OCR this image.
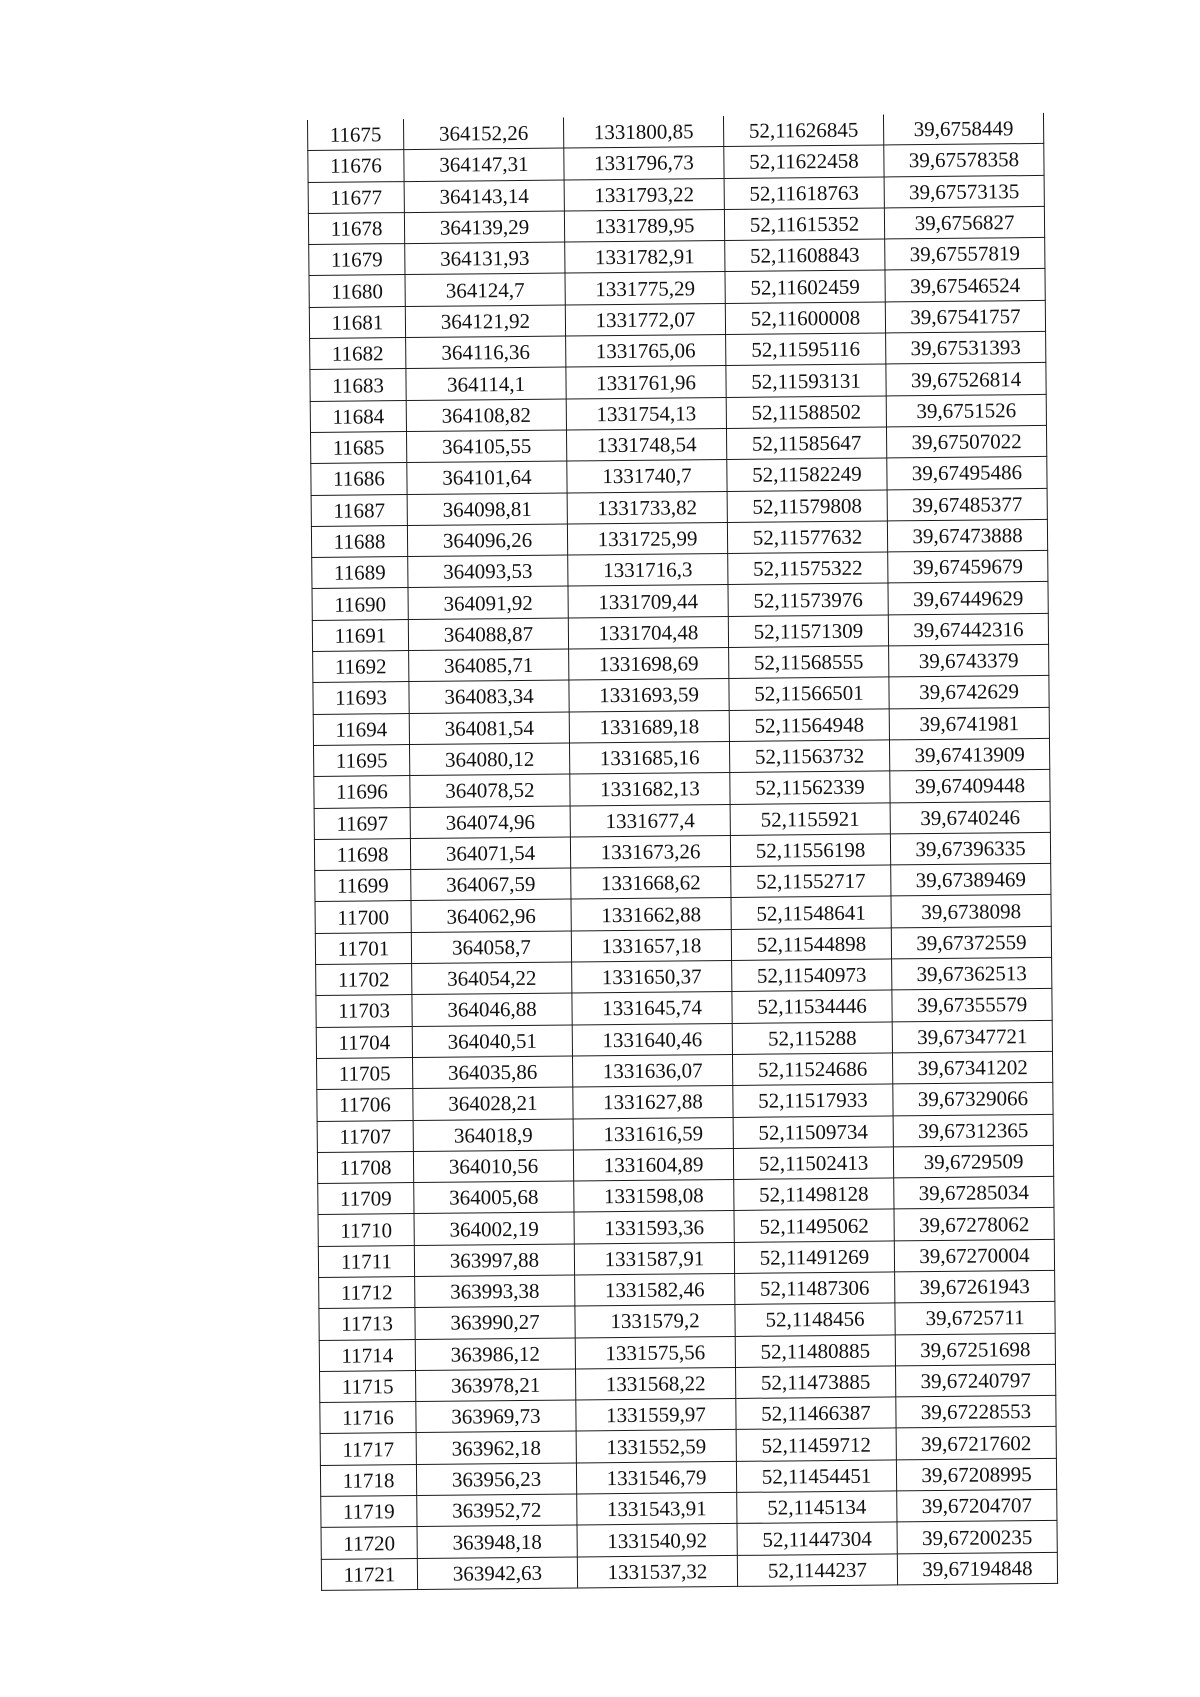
11675	364152,26	1331800,85	52,11626845	39,6758449
11676	364147,31	1331796,73	52,11622458	39,67578358
11677	364143,14	1331793,22	52,11618763	39,67573135
11678	364139,29	1331789,95	52,11615352	39,6756827
11679	364131,93	1331782,91	52,11608843	39,67557819
11680	364124,7	1331775,29	52,11602459	39,67546524
11681	364121,92	1331772,07	52,11600008	39,67541757
11682	364116,36	1331765,06	52,11595116	39,67531393
11683	364114,1	1331761,96	52,11593131	39,67526814
11684	364108,82	1331754,13	52,11588502	39,6751526
11685	364105,55	1331748,54	52,11585647	39,67507022
11686	364101,64	1331740,7	52,11582249	39,67495486
11687	364098,81	1331733,82	52,11579808	39,67485377
11688	364096,26	1331725,99	52,11577632	39,67473888
11689	364093,53	1331716,3	52,11575322	39,67459679
11690	364091,92	1331709,44	52,11573976	39,67449629
11691	364088,87	1331704,48	52,11571309	39,67442316
11692	364085,71	1331698,69	52,11568555	39,6743379
11693	364083,34	1331693,59	52,11566501	39,6742629
11694	364081,54	1331689,18	52,11564948	39,6741981
11695	364080,12	1331685,16	52,11563732	39,67413909
11696	364078,52	1331682,13	52,11562339	39,67409448
11697	364074,96	1331677,4	52,1155921	39,6740246
11698	364071,54	1331673,26	52,11556198	39,67396335
11699	364067,59	1331668,62	52,11552717	39,67389469
11700	364062,96	1331662,88	52,11548641	39,6738098
11701	364058,7	1331657,18	52,11544898	39,67372559
11702	364054,22	1331650,37	52,11540973	39,67362513
11703	364046,88	1331645,74	52,11534446	39,67355579
11704	364040,51	1331640,46	52,115288	39,67347721
11705	364035,86	1331636,07	52,11524686	39,67341202
11706	364028,21	1331627,88	52,11517933	39,67329066
11707	364018,9	1331616,59	52,11509734	39,67312365
11708	364010,56	1331604,89	52,11502413	39,6729509
11709	364005,68	1331598,08	52,11498128	39,67285034
11710	364002,19	1331593,36	52,11495062	39,67278062
11711	363997,88	1331587,91	52,11491269	39,67270004
11712	363993,38	1331582,46	52,11487306	39,67261943
11713	363990,27	1331579,2	52,1148456	39,6725711
11714	363986,12	1331575,56	52,11480885	39,67251698
11715	363978,21	1331568,22	52,11473885	39,67240797
11716	363969,73	1331559,97	52,11466387	39,67228553
11717	363962,18	1331552,59	52,11459712	39,67217602
11718	363956,23	1331546,79	52,11454451	39,67208995
11719	363952,72	1331543,91	52,1145134	39,67204707
11720	363948,18	1331540,92	52,11447304	39,67200235
11721	363942,63	1331537,32	52,1144237	39,67194848
